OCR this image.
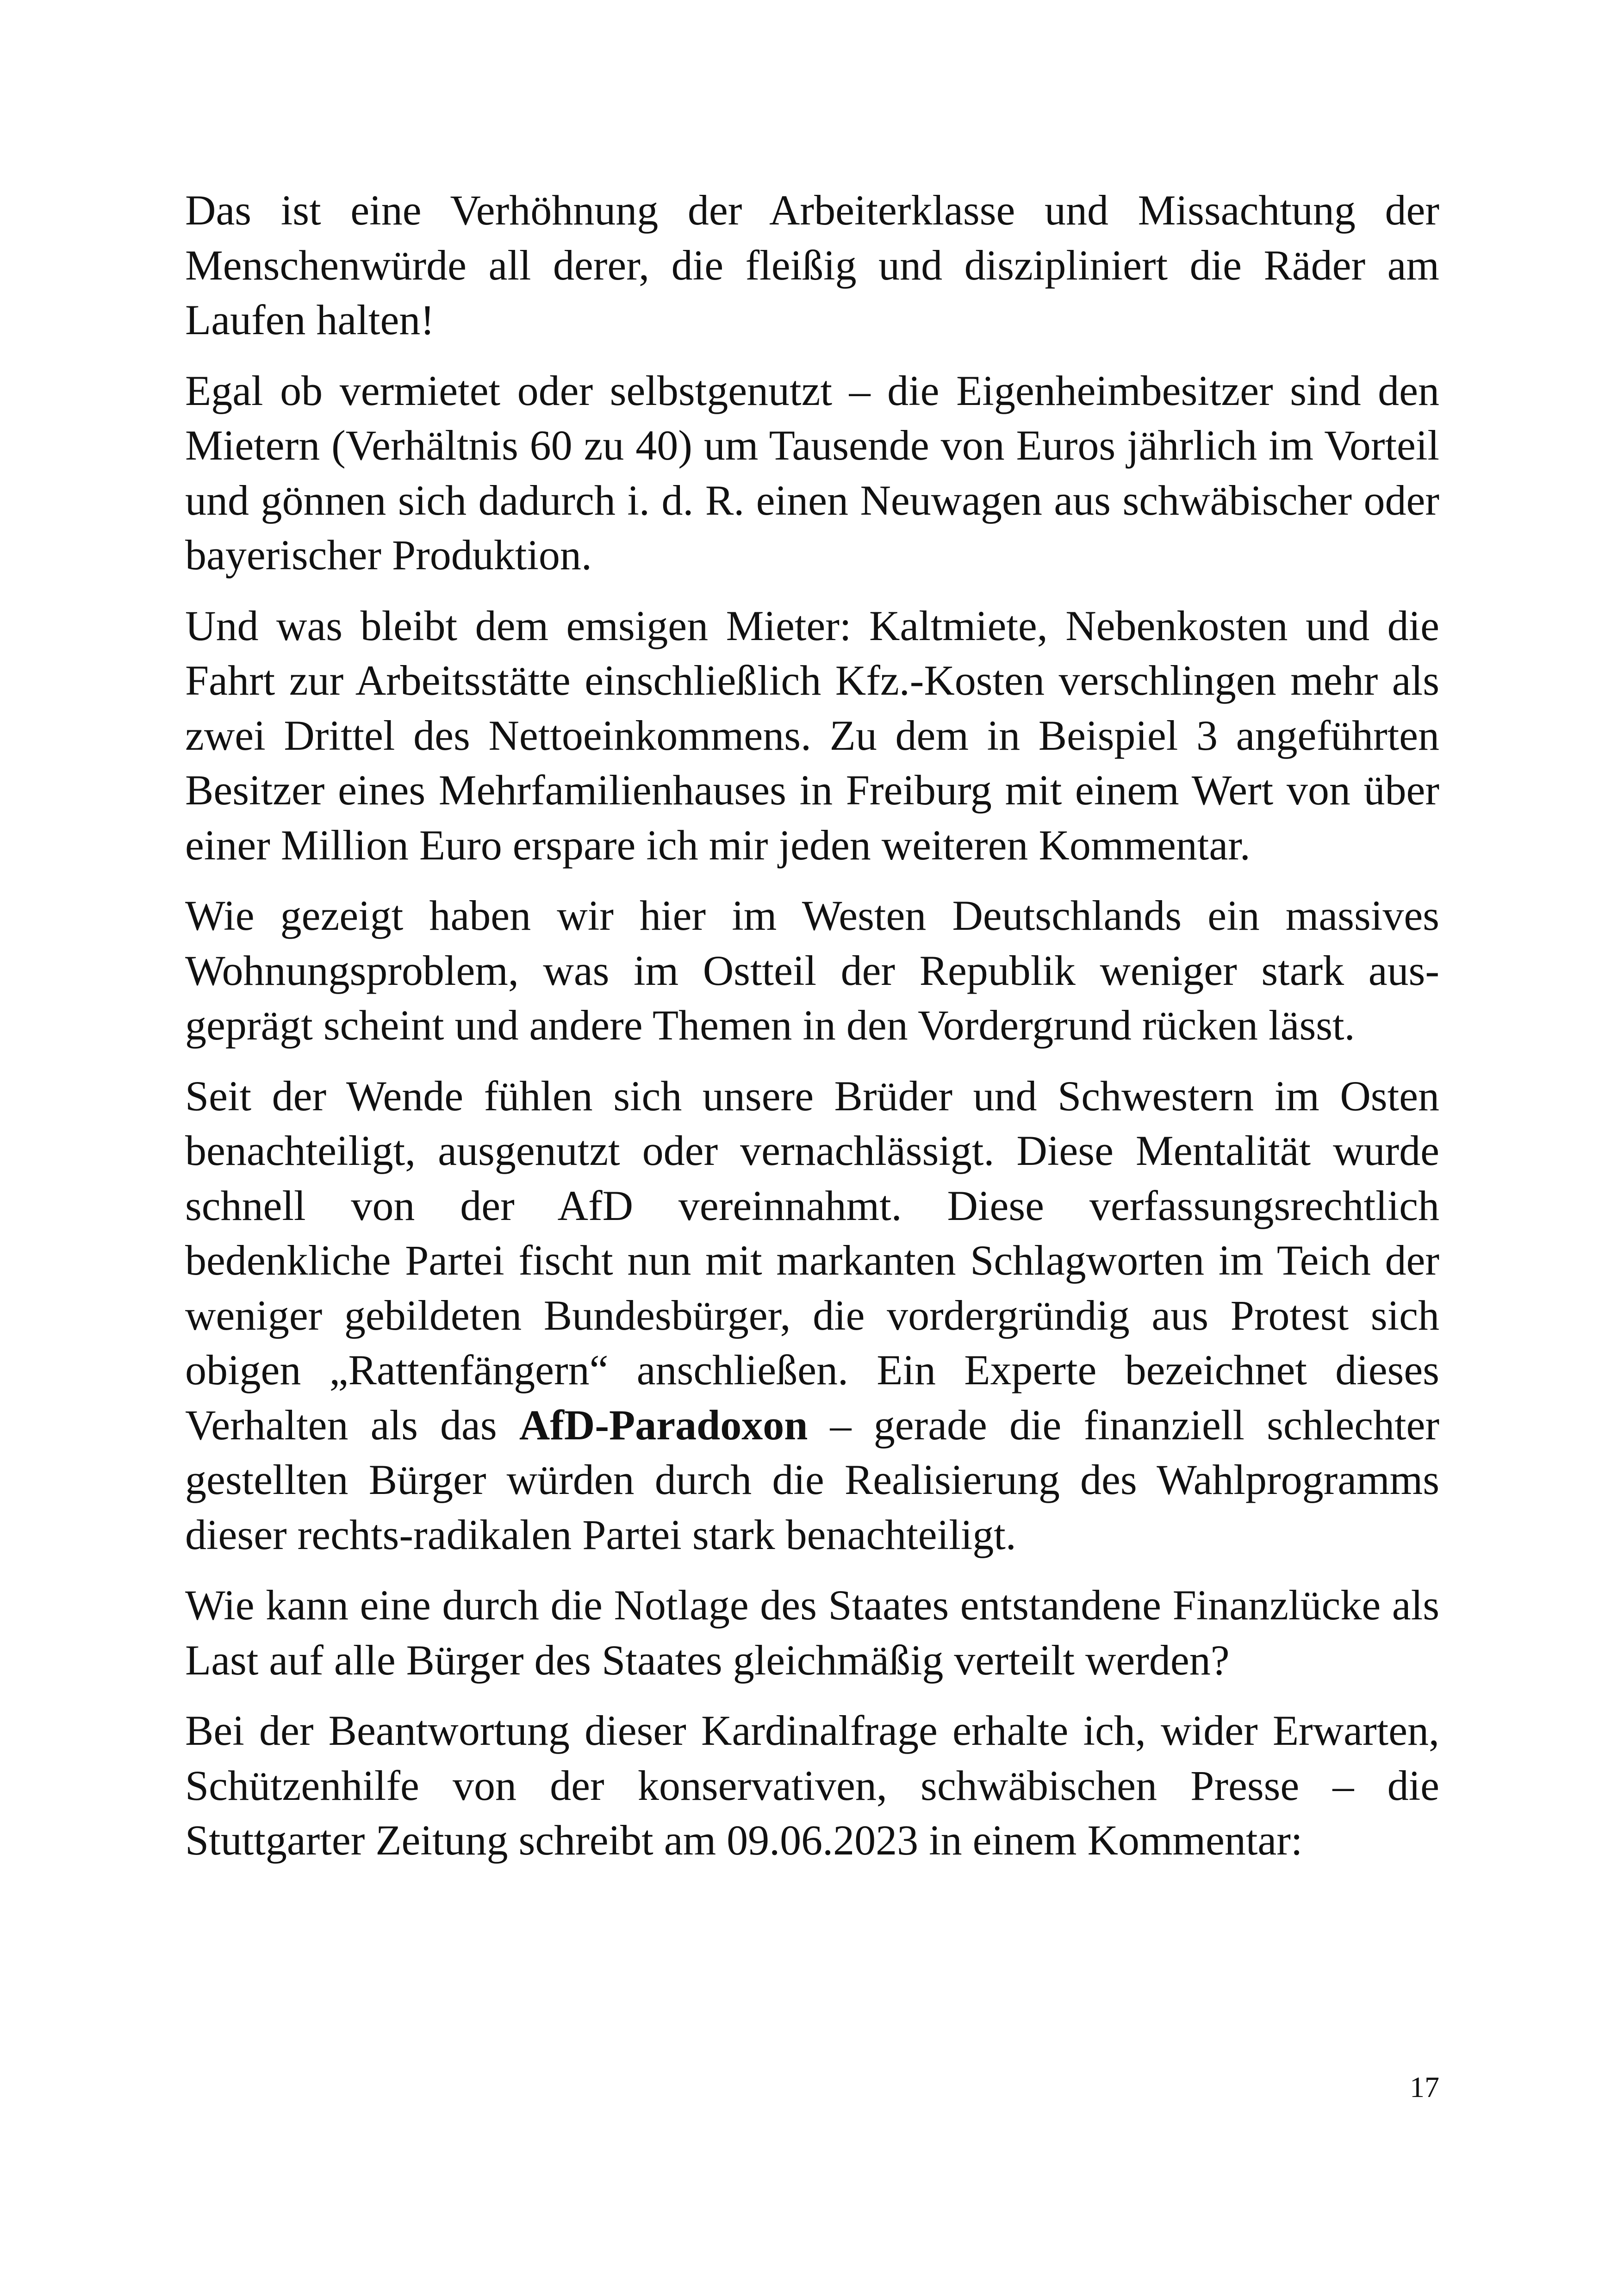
Das ist eine Verhöhnung der Arbeiterklasse und Missachtung der Menschenwürde all derer, die fleißig und diszipliniert die Räder am Laufen halten!

Egal ob vermietet oder selbstgenutzt – die Eigenheimbesitzer sind den Mietern (Verhältnis 60 zu 40) um Tausende von Euros jährlich im Vorteil und gönnen sich dadurch i. d. R. einen Neuwagen aus schwäbischer oder bayerischer Produktion.

Und was bleibt dem emsigen Mieter: Kaltmiete, Nebenkosten und die Fahrt zur Arbeitsstätte einschließlich Kfz.-Kosten verschlingen mehr als zwei Drittel des Nettoeinkommens. Zu dem in Beispiel 3 angeführten Besitzer eines Mehrfamilienhauses in Freiburg mit einem Wert von über einer Million Euro erspare ich mir jeden weiteren Kommentar.

Wie gezeigt haben wir hier im Westen Deutschlands ein massives Wohnungsproblem, was im Ostteil der Republik weniger stark ausgeprägt scheint und andere Themen in den Vordergrund rücken lässt.

Seit der Wende fühlen sich unsere Brüder und Schwestern im Osten benachteiligt, ausgenutzt oder vernachlässigt. Diese Mentalität wurde schnell von der AfD vereinnahmt. Diese verfassungsrechtlich bedenkliche Partei fischt nun mit markanten Schlagworten im Teich der weniger gebildeten Bundesbürger, die vordergründig aus Protest sich obigen „Rattenfängern“ anschließen. Ein Experte bezeichnet dieses Verhalten als das AfD-Paradoxon – gerade die finanziell schlechter gestellten Bürger würden durch die Realisierung des Wahlprogramms dieser rechts-radikalen Partei stark benachteiligt.

Wie kann eine durch die Notlage des Staates entstandene Finanzlücke als Last auf alle Bürger des Staates gleichmäßig verteilt werden?

Bei der Beantwortung dieser Kardinalfrage erhalte ich, wider Erwarten, Schützenhilfe von der konservativen, schwäbischen Presse – die Stuttgarter Zeitung schreibt am 09.06.2023 in einem Kommentar:

17
